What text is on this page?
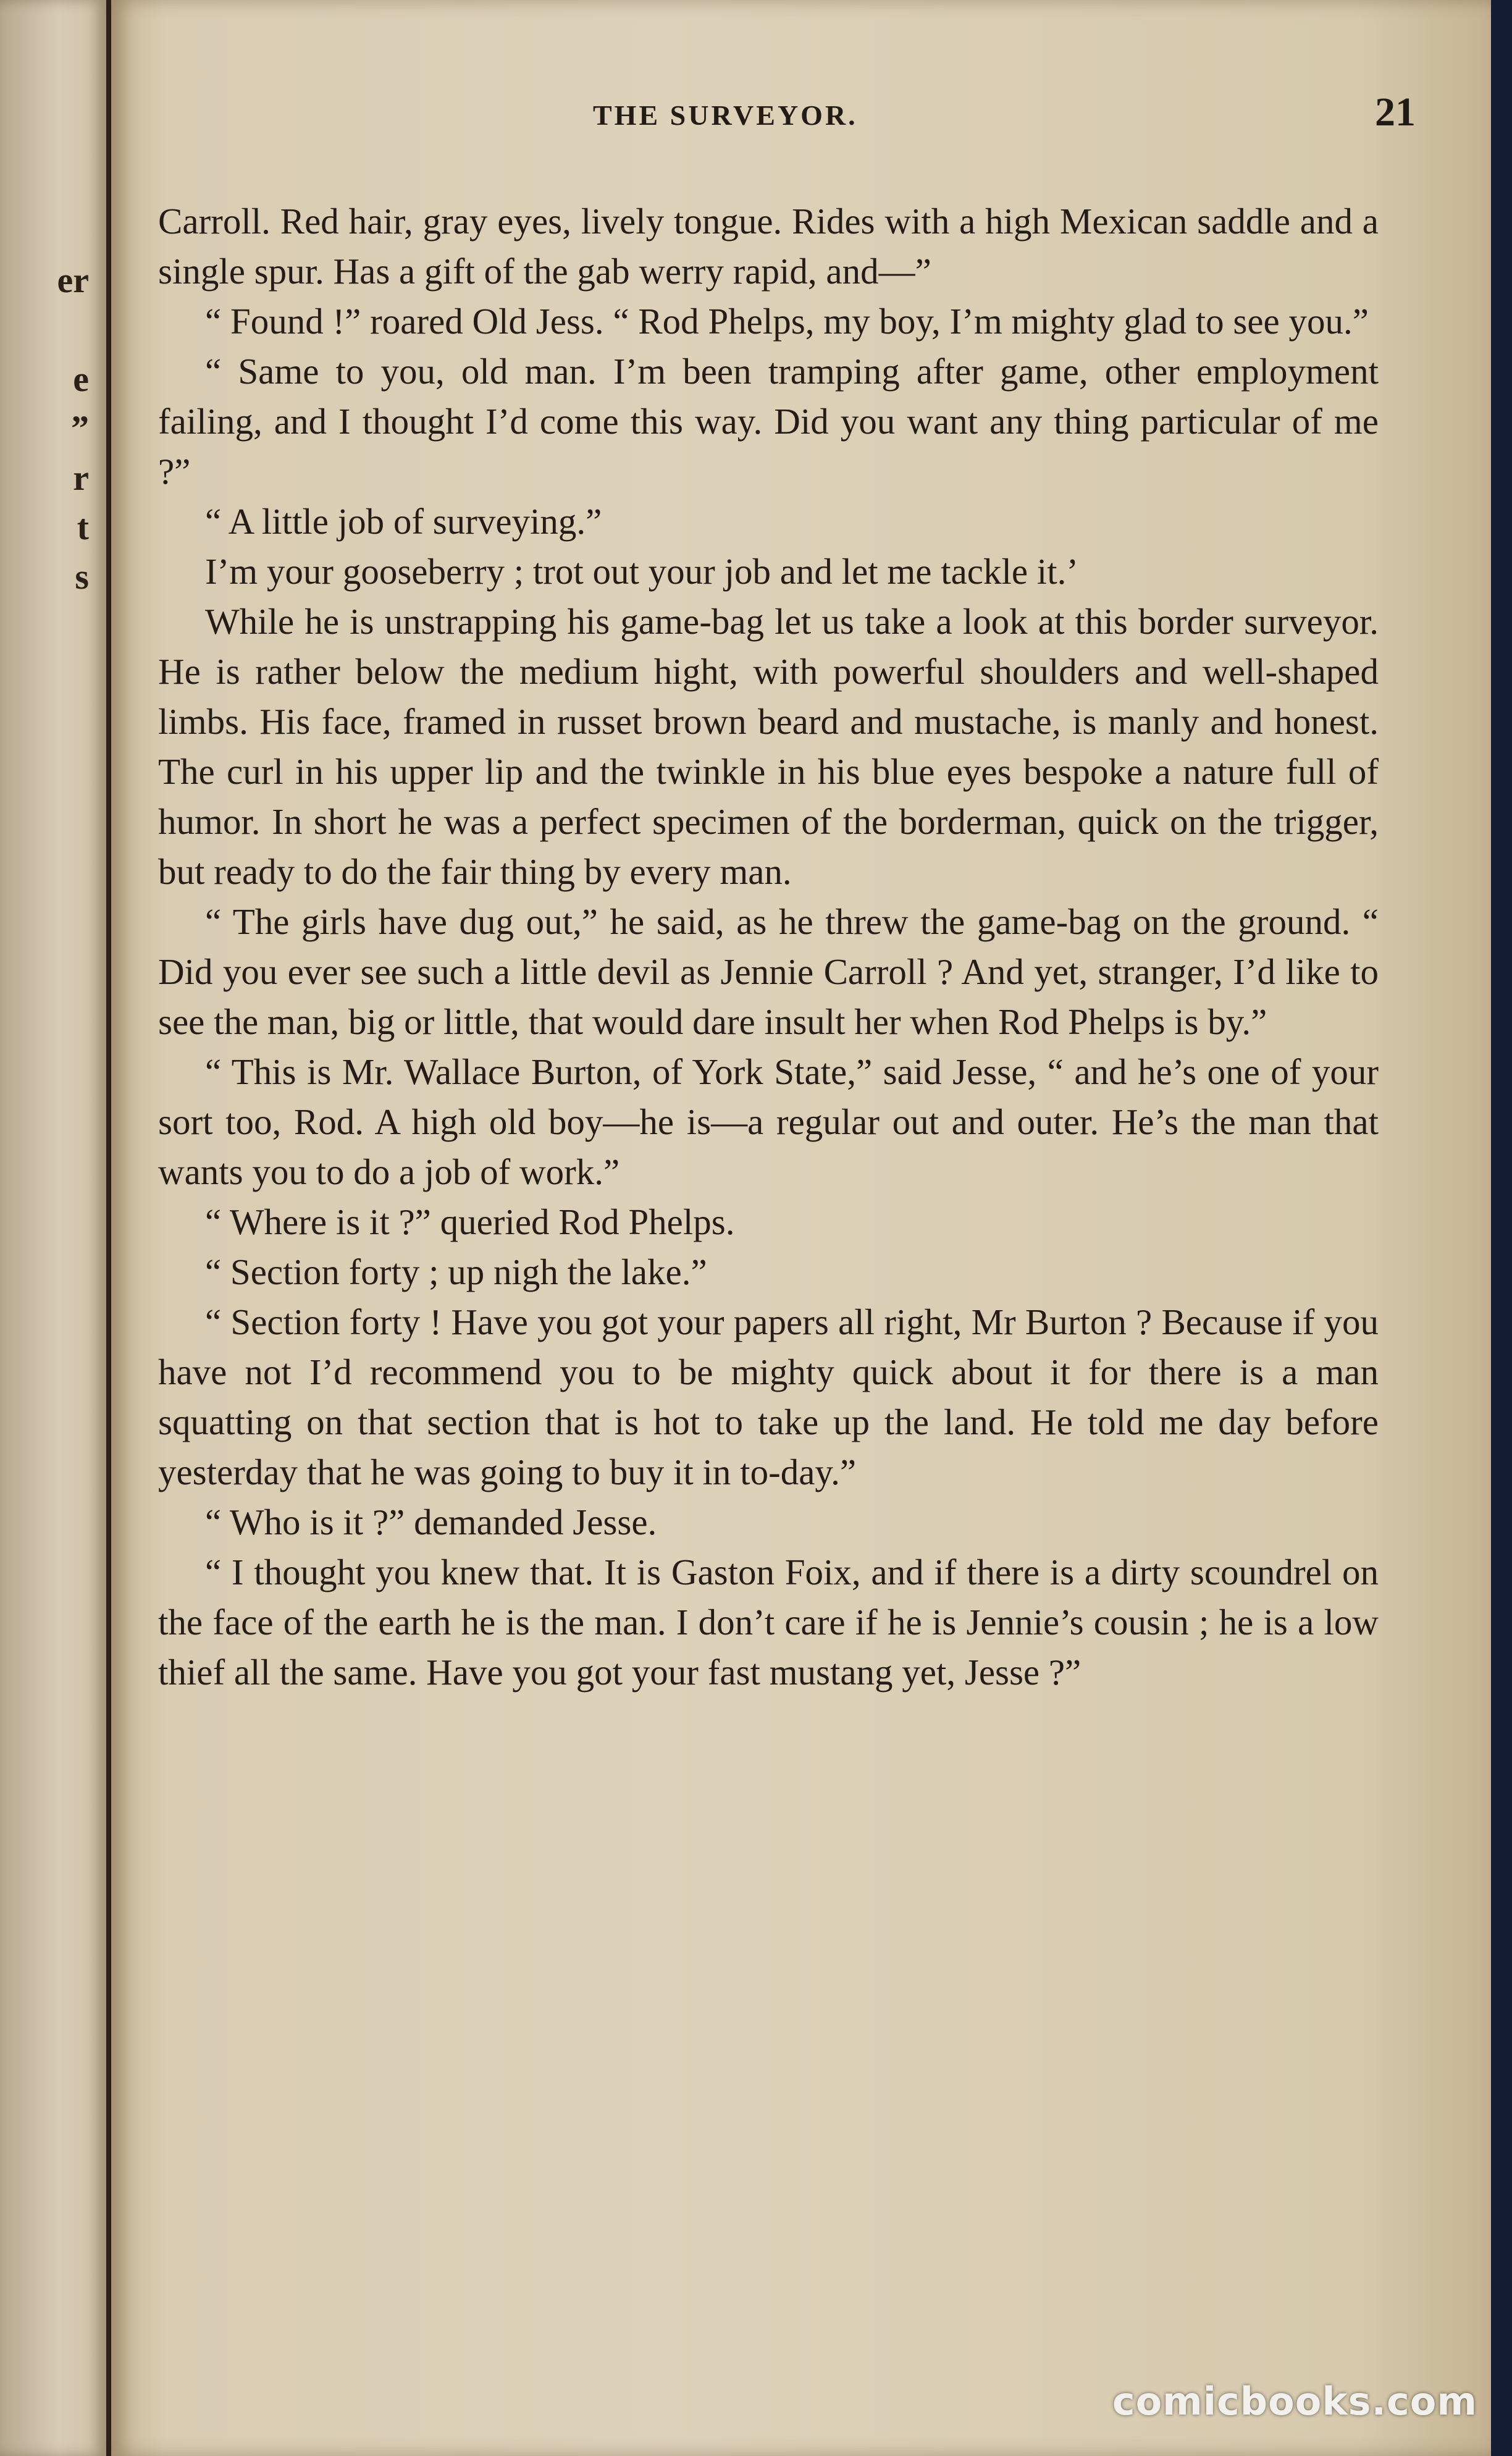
er
e
”
r
t
s
THE SURVEYOR.	21

Carroll. Red hair, gray eyes, lively tongue. Rides with a high Mexican saddle and a single spur. Has a gift of the gab werry rapid, and—”

“ Found !” roared Old Jess. “ Rod Phelps, my boy, I’m mighty glad to see you.”

“ Same to you, old man. I’m been tramping after game, other employment failing, and I thought I’d come this way. Did you want any thing particular of me ?”

“ A little job of surveying.”

I’m your gooseberry ; trot out your job and let me tackle it.’

While he is unstrapping his game-bag let us take a look at this border surveyor. He is rather below the medium hight, with powerful shoulders and well-shaped limbs. His face, framed in russet brown beard and mustache, is manly and honest. The curl in his upper lip and the twinkle in his blue eyes bespoke a nature full of humor. In short he was a perfect specimen of the borderman, quick on the trigger, but ready to do the fair thing by every man.

“ The girls have dug out,” he said, as he threw the game-bag on the ground. “ Did you ever see such a little devil as Jennie Carroll ? And yet, stranger, I’d like to see the man, big or little, that would dare insult her when Rod Phelps is by.”

“ This is Mr. Wallace Burton, of York State,” said Jesse, “ and he’s one of your sort too, Rod. A high old boy—he is—a regular out and outer. He’s the man that wants you to do a job of work.”

“ Where is it ?” queried Rod Phelps.

“ Section forty ; up nigh the lake.”

“ Section forty ! Have you got your papers all right, Mr Burton ? Because if you have not I’d recommend you to be mighty quick about it for there is a man squatting on that section that is hot to take up the land. He told me day before yesterday that he was going to buy it in to-day.”

“ Who is it ?” demanded Jesse.

“ I thought you knew that. It is Gaston Foix, and if there is a dirty scoundrel on the face of the earth he is the man. I don’t care if he is Jennie’s cousin ; he is a low thief all the same. Have you got your fast mustang yet, Jesse ?”

comicbooks.com
